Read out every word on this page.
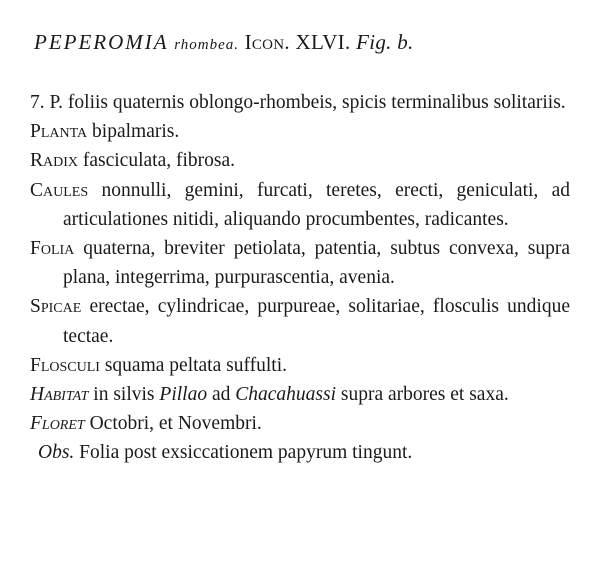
PEPEROMIA rhombea. Icon. XLVI. Fig. b.

7. P. foliis quaternis oblongo-rhombeis, spicis terminalibus solitariis.

Planta bipalmaris.

Radix fasciculata, fibrosa.

Caules nonnulli, gemini, furcati, teretes, erecti, geniculati, ad articulationes nitidi, aliquando procumbentes, radicantes.

Folia quaterna, breviter petiolata, patentia, subtus convexa, supra plana, integerrima, purpurascentia, avenia.

Spicae erectae, cylindricae, purpureae, solitariae, flosculis undique tectae.

Flosculi squama peltata suffulti.

Habitat in silvis Pillao ad Chacahuassi supra arbores et saxa.

Floret Octobri, et Novembri.

Obs. Folia post exsiccationem papyrum tingunt.
